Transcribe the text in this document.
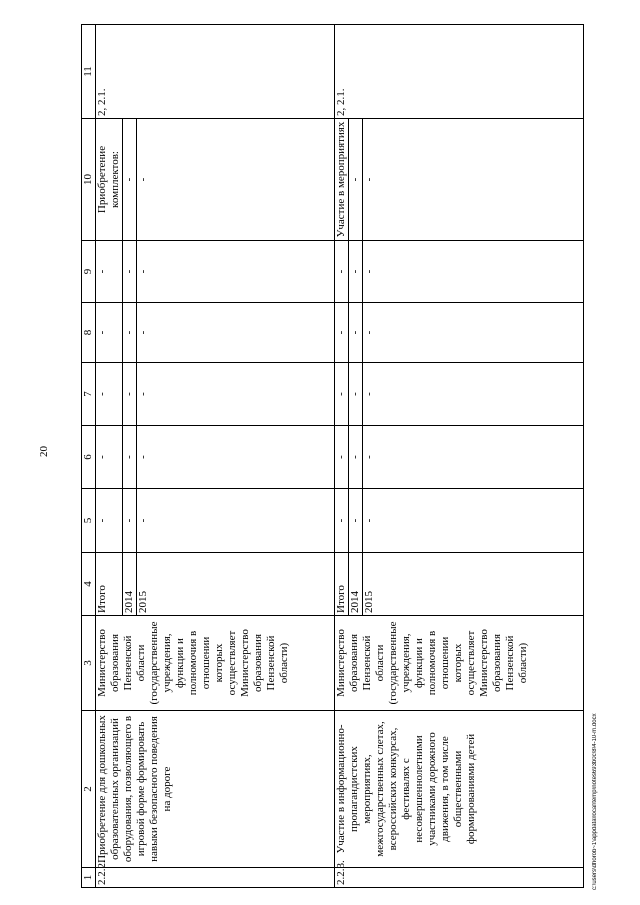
20
1	2	3	4	5	6	7	8	9	10	11
2.2.2.	Приобретение для дошкольных образовательных организаций оборудования, позволяющего в игровой форме формировать навыки безопасного поведения на дороге	Министерство образования Пензенской области (государственные учреждения, функции и полномочия в отношении которых осуществляет Министерство образования Пензенской области)	Итого	-	-	-	-	-	Приобретение комплектов:	2, 2.1.
			2014	-	-	-	-	-	-	
			2015	-	-	-	-	-	-	
2.2.3.	Участие в информационно-пропагандистских мероприятиях, межгосударственных слетах, всероссийских конкурсах, фестивалях с несовершеннолетними участниками дорожного движения, в том числе общественными формированиями детей	Министерство образования Пензенской области (государственные учреждения, функции и полномочия в отношении которых осуществляет Министерство образования Пензенской области)	Итого	-	-	-	-	-	Участие в мероприятиях	2, 2.1.
			2014	-	-	-	-	-	-	
			2015	-	-	-	-	-	-	
c:\users\dhorob~1\appdata\local\temp\notes693b0c\8\4-10-m.docx
